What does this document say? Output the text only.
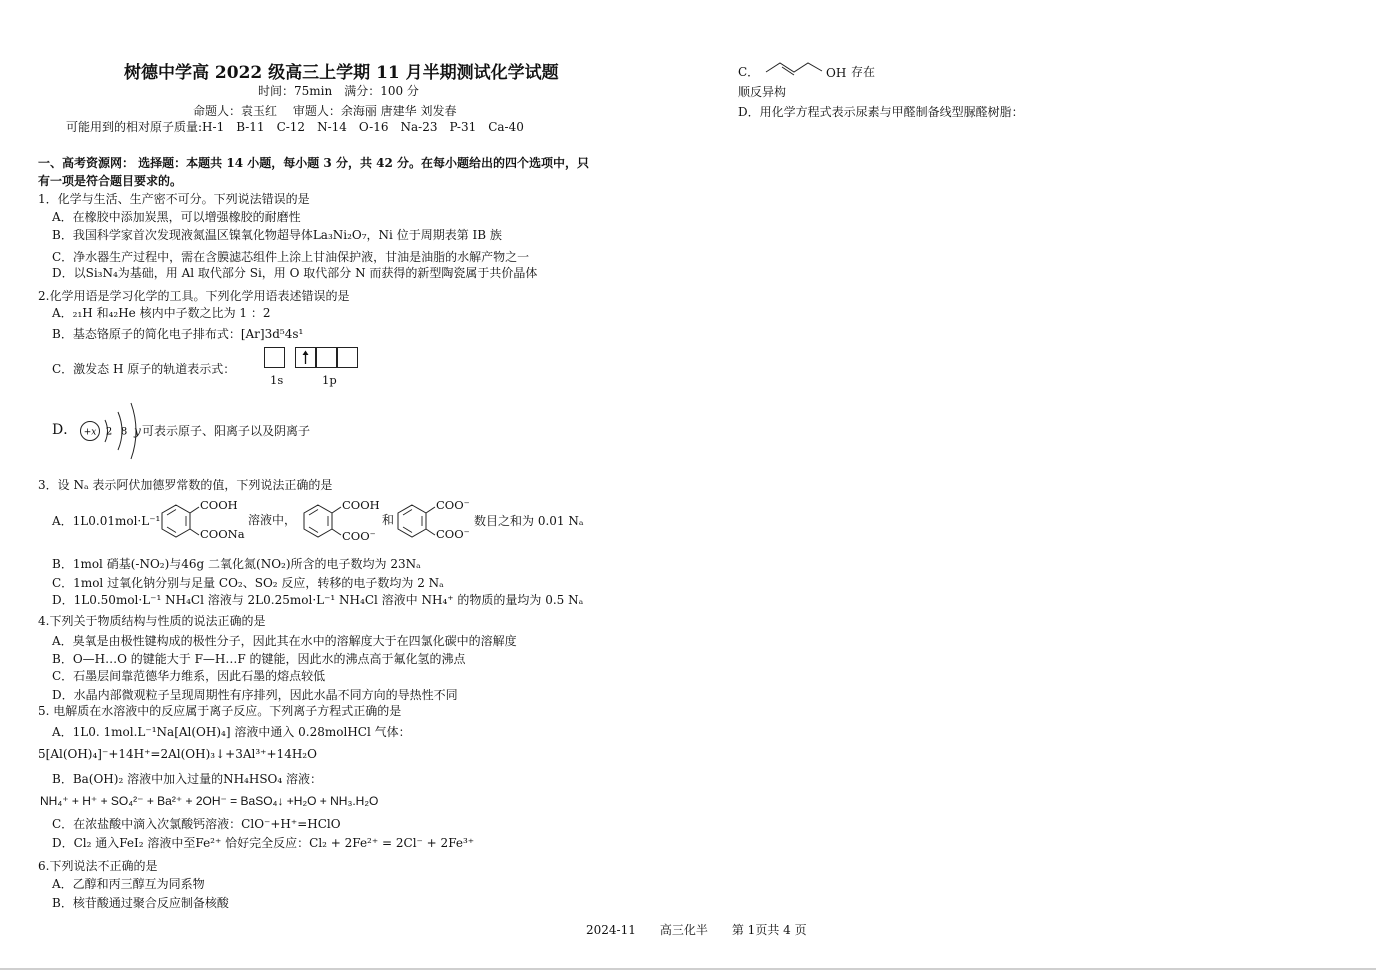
树德中学高 2022 级高三上学期 11 月半期测试化学试题
时间：75min　满分：100 分
命题人：袁玉红　 审题人：余海丽 唐建华 刘发春
可能用到的相对原子质量:H-1　B-11　C-12　N-14　O-16　Na-23　P-31　Ca-40
一、高考资源网： 选择题：本题共 14 小题，每小题 3 分，共 42 分。在每小题给出的四个选项中，只
有一项是符合题目要求的。
1．化学与生活、生产密不可分。下列说法错误的是
A．在橡胶中添加炭黑，可以增强橡胶的耐磨性
B．我国科学家首次发现液氮温区镍氧化物超导体La₃Ni₂O₇，Ni 位于周期表第 ⅠB 族
C．净水器生产过程中，需在含膜滤芯组件上涂上甘油保护液，甘油是油脂的水解产物之一
D．以Si₃N₄为基础，用 Al 取代部分 Si，用 O 取代部分 N 而获得的新型陶瓷属于共价晶体
2.化学用语是学习化学的工具。下列化学用语表述错误的是
A．₂₁H 和₄₂He 核内中子数之比为 1 ：2
B．基态铬原子的简化电子排布式：[Ar]3d⁵4s¹
C．激发态 H 原子的轨道表示式：
1s	1p
D． +x 2 8 y 可表示原子、阳离子以及阴离子
3．设 Nₐ 表示阿伏加德罗常数的值，下列说法正确的是
A．1L0.01mol·L⁻¹
COOH
COONa
溶液中，
COOH
COO⁻
和
COO⁻
COO⁻
数目之和为 0.01 Nₐ
B．1mol 硝基(-NO₂)与46g 二氧化氮(NO₂)所含的电子数均为 23Nₐ
C．1mol 过氧化钠分别与足量 CO₂、SO₂ 反应，转移的电子数均为 2 Nₐ
D．1L0.50mol·L⁻¹ NH₄Cl 溶液与 2L0.25mol·L⁻¹ NH₄Cl 溶液中 NH₄⁺ 的物质的量均为 0.5 Nₐ
4.下列关于物质结构与性质的说法正确的是
A．臭氧是由极性键构成的极性分子，因此其在水中的溶解度大于在四氯化碳中的溶解度
B．O—H…O 的键能大于 F—H…F 的键能，因此水的沸点高于氟化氢的沸点
C．石墨层间靠范德华力维系，因此石墨的熔点较低
D．水晶内部微观粒子呈现周期性有序排列，因此水晶不同方向的导热性不同
5. 电解质在水溶液中的反应属于离子反应。下列离子方程式正确的是
A．1L0. 1mol.L⁻¹Na[Al(OH)₄] 溶液中通入 0.28molHCl 气体：
5[Al(OH)₄]⁻+14H⁺=2Al(OH)₃↓+3Al³⁺+14H₂O
B．Ba(OH)₂ 溶液中加入过量的NH₄HSO₄ 溶液：
NH₄⁺ + H⁺ + SO₄²⁻ + Ba²⁺ + 2OH⁻ = BaSO₄↓ +H₂O + NH₃.H₂O
C．在浓盐酸中滴入次氯酸钙溶液：ClO⁻+H⁺=HClO
D．Cl₂ 通入FeI₂ 溶液中至Fe²⁺ 恰好完全反应：Cl₂ + 2Fe²⁺ = 2Cl⁻ + 2Fe³⁺
6.下列说法不正确的是
A．乙醇和丙三醇互为同系物
B．核苷酸通过聚合反应制备核酸
C．	OH 存在
顺反异构
D．用化学方程式表示尿素与甲醛制备线型脲醛树脂：
2024-11　　高三化半　　第 1页共 4 页
